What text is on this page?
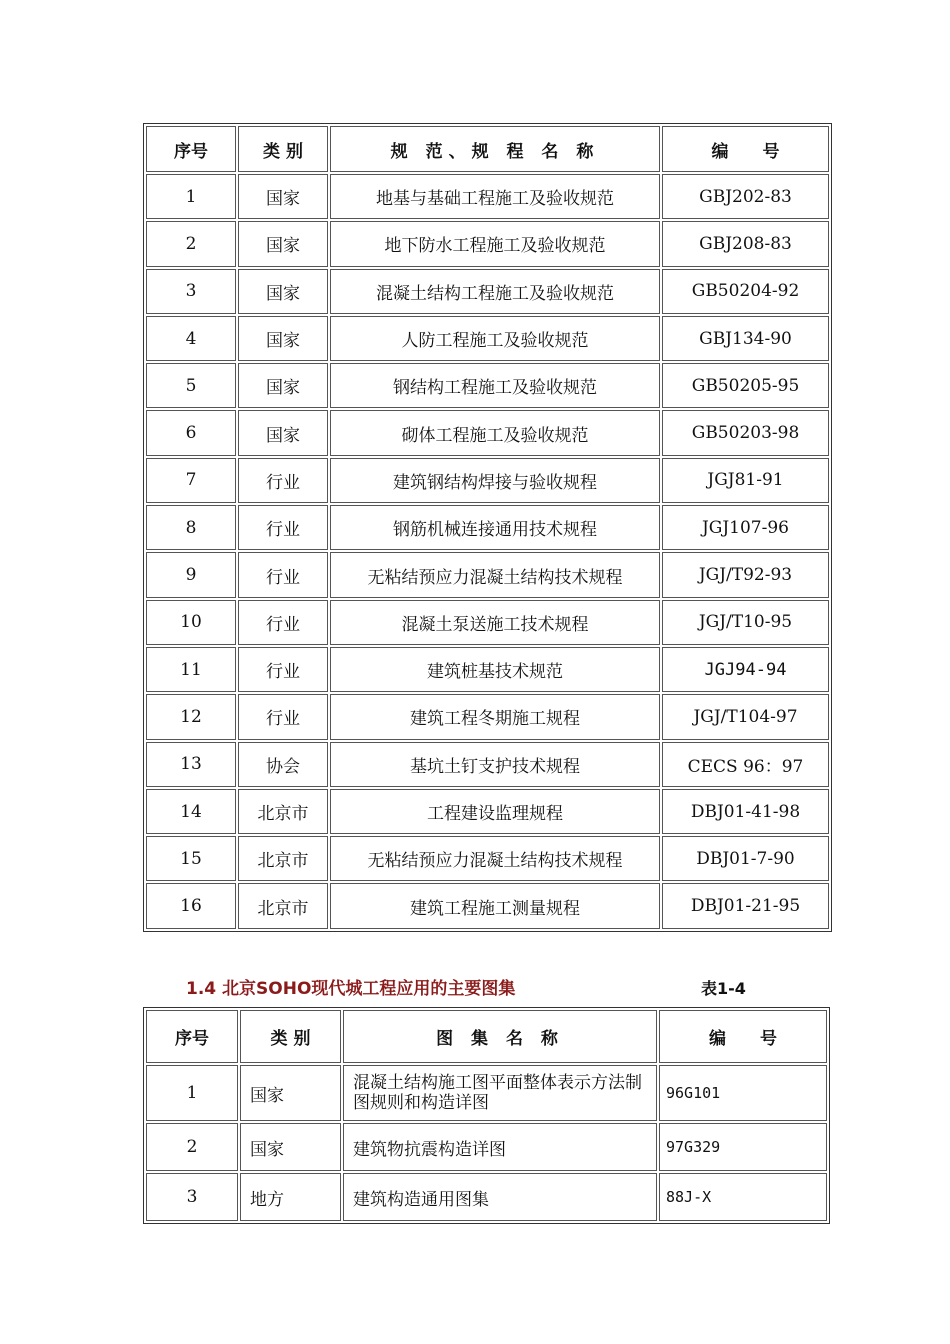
序号	类 别	规 范、规 程 名 称	编　　号
1	国家	地基与基础工程施工及验收规范	GBJ202-83
2	国家	地下防水工程施工及验收规范	GBJ208-83
3	国家	混凝土结构工程施工及验收规范	GB50204-92
4	国家	人防工程施工及验收规范	GBJ134-90
5	国家	钢结构工程施工及验收规范	GB50205-95
6	国家	砌体工程施工及验收规范	GB50203-98
7	行业	建筑钢结构焊接与验收规程	JGJ81-91
8	行业	钢筋机械连接通用技术规程	JGJ107-96
9	行业	无粘结预应力混凝土结构技术规程	JGJ/T92-93
10	行业	混凝土泵送施工技术规程	JGJ/T10-95
11	行业	建筑桩基技术规范	JGJ94-94
12	行业	建筑工程冬期施工规程	JGJ/T104-97
13	协会	基坑土钉支护技术规程	CECS 96：97
14	北京市	工程建设监理规程	DBJ01-41-98
15	北京市	无粘结预应力混凝土结构技术规程	DBJ01-7-90
16	北京市	建筑工程施工测量规程	DBJ01-21-95
1.4 北京SOHO现代城工程应用的主要图集	表1-4
序号	类 别	图 集 名 称	编　　号
1	国家	混凝土结构施工图平面整体表示方法制图规则和构造详图	96G101
2	国家	建筑物抗震构造详图	97G329
3	地方	建筑构造通用图集	88J-X
